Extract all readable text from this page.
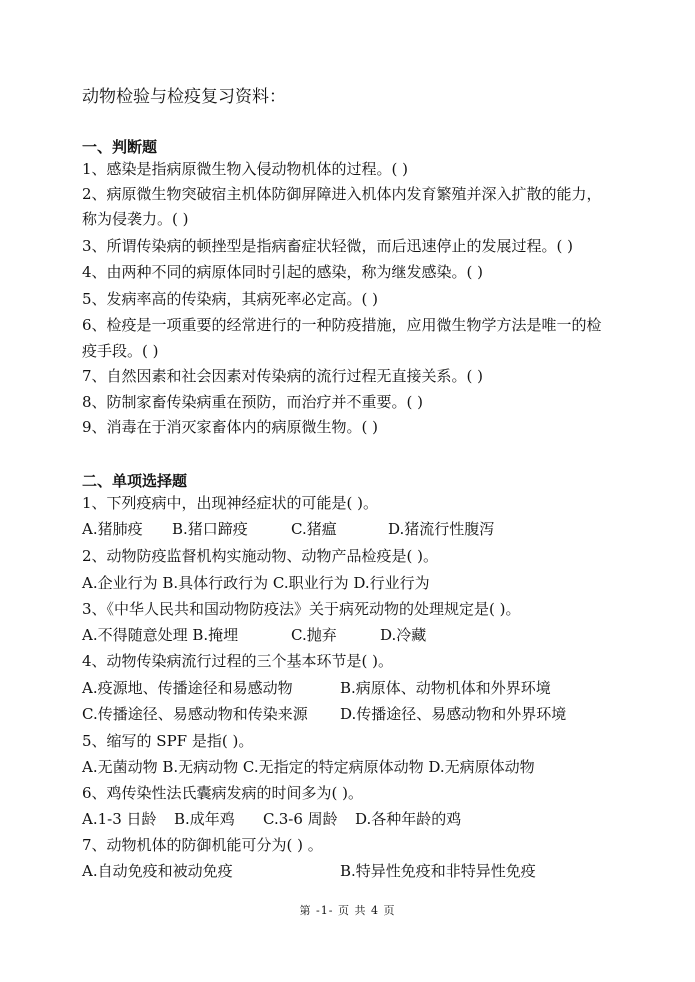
动物检验与检疫复习资料：
一、判断题
1、感染是指病原微生物入侵动物机体的过程。( )
2、病原微生物突破宿主机体防御屏障进入机体内发育繁殖并深入扩散的能力，
称为侵袭力。( )
3、所谓传染病的顿挫型是指病畜症状轻微，而后迅速停止的发展过程。( )
4、由两种不同的病原体同时引起的感染，称为继发感染。( )
5、发病率高的传染病，其病死率必定高。( )
6、检疫是一项重要的经常进行的一种防疫措施，应用微生物学方法是唯一的检
疫手段。( )
7、自然因素和社会因素对传染病的流行过程无直接关系。( )
8、防制家畜传染病重在预防，而治疗并不重要。( )
9、消毒在于消灭家畜体内的病原微生物。( )
二、单项选择题
1、下列疫病中，出现神经症状的可能是( )。
A.猪肺疫 B.猪口蹄疫	C.猪瘟	D.猪流行性腹泻
2、动物防疫监督机构实施动物、动物产品检疫是( )。
A.企业行为 B.具体行政行为 C.职业行为 D.行业行为
3、《中华人民共和国动物防疫法》关于病死动物的处理规定是( )。
A.不得随意处理 B.掩埋	C.抛弃	D.冷藏
4、动物传染病流行过程的三个基本环节是( )。
A.疫源地、传播途径和易感动物	B.病原体、动物机体和外界环境
C.传播途径、易感动物和传染来源 D.传播途径、易感动物和外界环境
5、缩写的 SPF 是指( )。
A.无菌动物 B.无病动物 C.无指定的特定病原体动物 D.无病原体动物
6、鸡传染性法氏囊病发病的时间多为( )。
A.1-3 日龄 B.成年鸡 C.3-6 周龄 D.各种年龄的鸡
7、动物机体的防御机能可分为( ) 。
A.自动免疫和被动免疫	B.特异性免疫和非特异性免疫
第 -1- 页 共 4 页
